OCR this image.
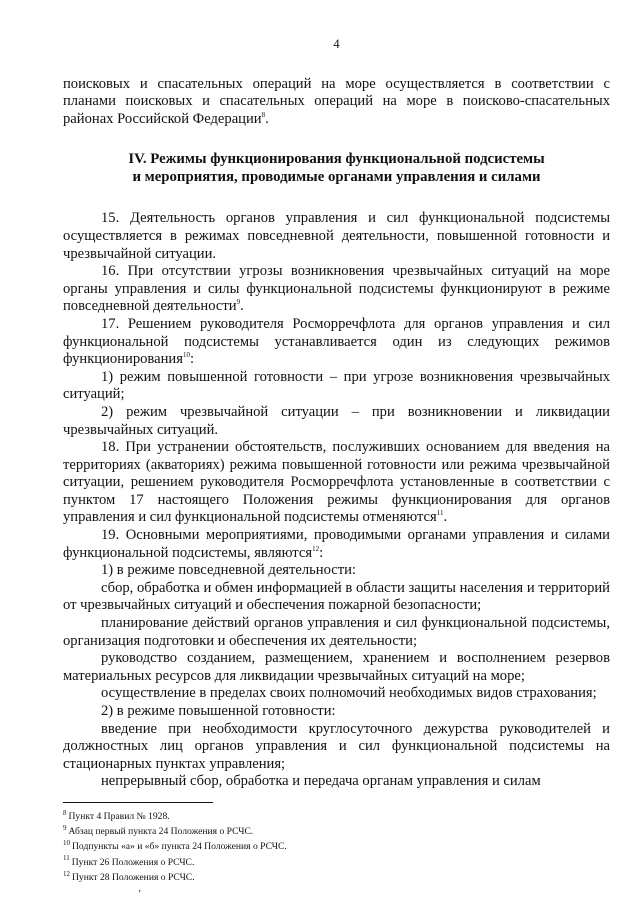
4

поисковых и спасательных операций на море осуществляется в соответствии с планами поисковых и спасательных операций на море в поисково-спасательных районах Российской Федерации$^8$.

IV. Режимы функционирования функциональной подсистемы
и мероприятия, проводимые органами управления и силами

15. Деятельность органов управления и сил функциональной подсистемы осуществляется в режимах повседневной деятельности, повышенной готовности и чрезвычайной ситуации.

16. При отсутствии угрозы возникновения чрезвычайных ситуаций на море органы управления и силы функциональной подсистемы функционируют в режиме повседневной деятельности$^9$.

17. Решением руководителя Росморречфлота для органов управления и сил функциональной подсистемы устанавливается один из следующих режимов функционирования$^{10}$:

1) режим повышенной готовности – при угрозе возникновения чрезвычайных ситуаций;

2) режим чрезвычайной ситуации – при возникновении и ликвидации чрезвычайных ситуаций.

18. При устранении обстоятельств, послуживших основанием для введения на территориях (акваториях) режима повышенной готовности или режима чрезвычайной ситуации, решением руководителя Росморречфлота установленные в соответствии с пунктом 17 настоящего Положения режимы функционирования для органов управления и сил функциональной подсистемы отменяются$^{11}$.

19. Основными мероприятиями, проводимыми органами управления и силами функциональной подсистемы, являются$^{12}$:

1) в режиме повседневной деятельности:

сбор, обработка и обмен информацией в области защиты населения и территорий от чрезвычайных ситуаций и обеспечения пожарной безопасности;

планирование действий органов управления и сил функциональной подсистемы, организация подготовки и обеспечения их деятельности;

руководство созданием, размещением, хранением и восполнением резервов материальных ресурсов для ликвидации чрезвычайных ситуаций на море;

осуществление в пределах своих полномочий необходимых видов страхования;

2) в режиме повышенной готовности:

введение при необходимости круглосуточного дежурства руководителей и должностных лиц органов управления и сил функциональной подсистемы на стационарных пунктах управления;

непрерывный сбор, обработка и передача органам управления и силам

$^8$ Пункт 4 Правил № 1928.

$^9$ Абзац первый пункта 24 Положения о РСЧС.

$^{10}$ Подпункты «а» и «б» пункта 24 Положения о РСЧС.

$^{11}$ Пункт 26 Положения о РСЧС.

$^{12}$ Пункт 28 Положения о РСЧС.

ʼ
